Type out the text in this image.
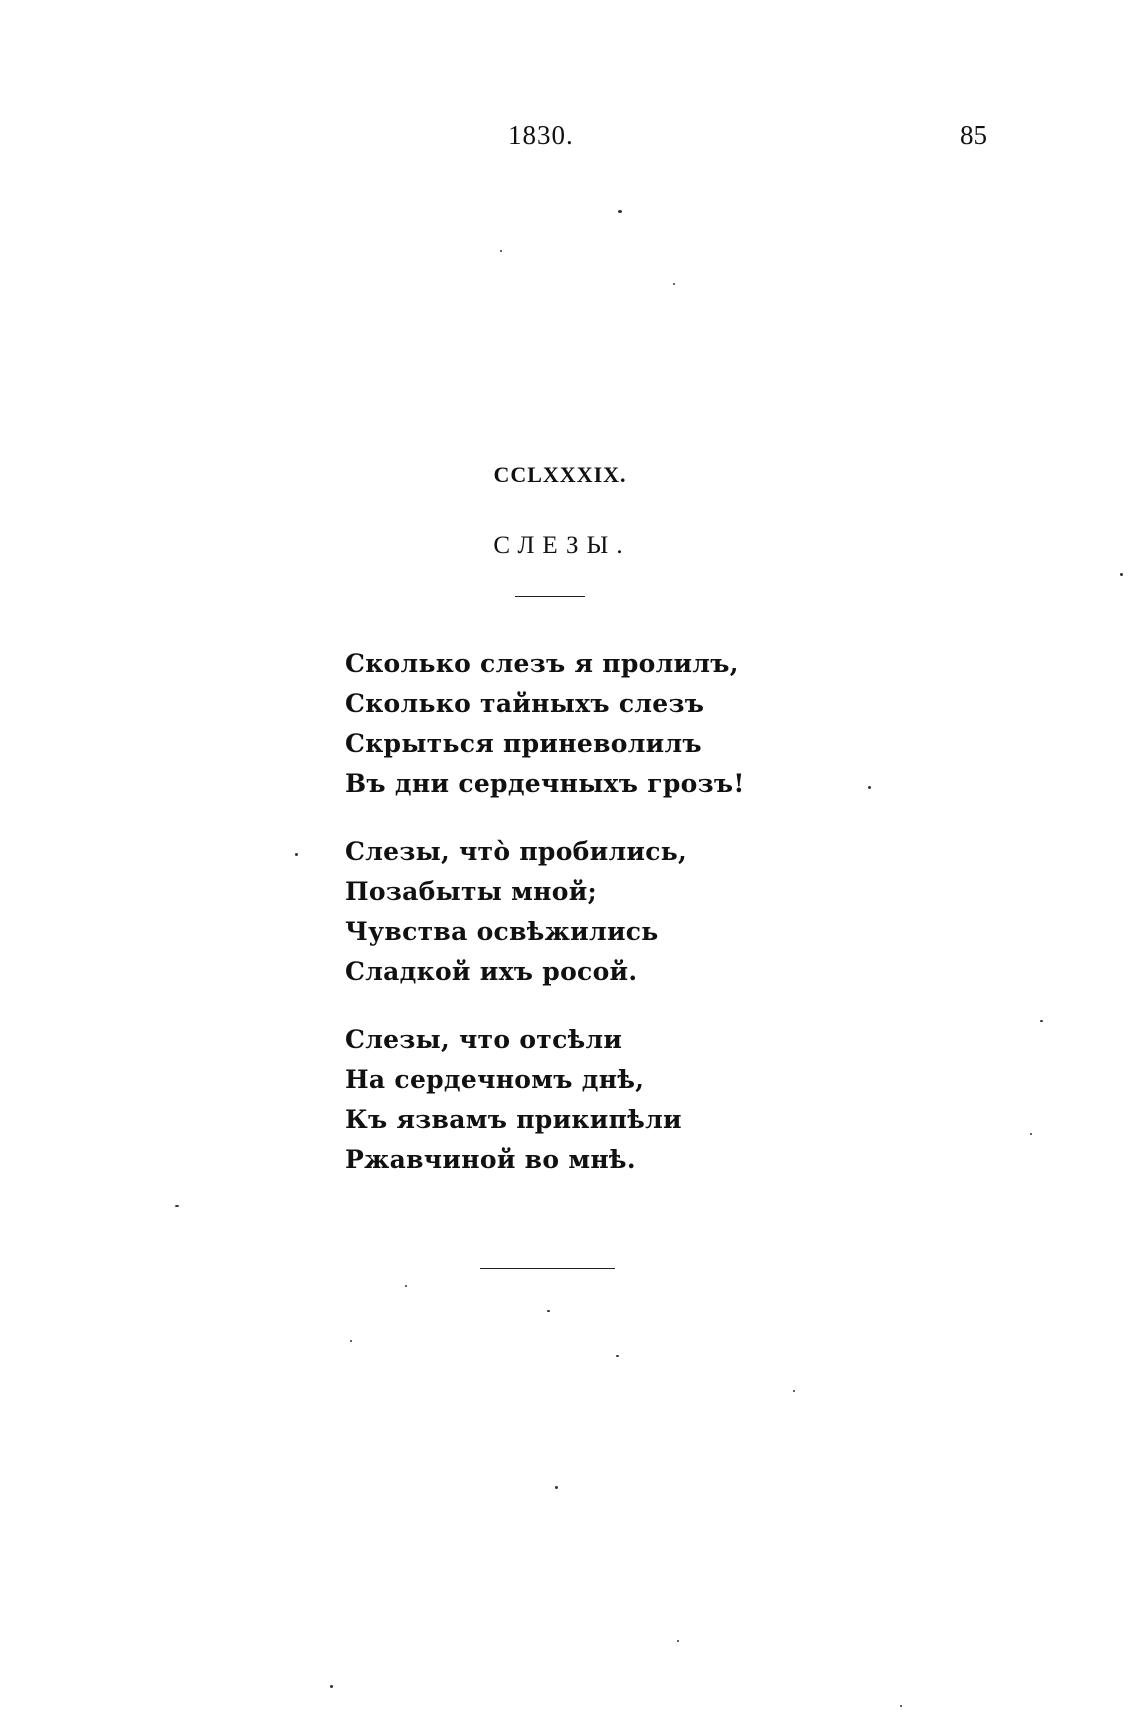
1830.	85
CCLXXXIX.
СЛЕЗЫ.
Сколько слезъ я пролилъ,
Сколько тайныхъ слезъ
Скрыться приневолилъ
Въ дни сердечныхъ грозъ!
Слезы, что̀ пробились,
Позабыты мной;
Чувства освѣжились
Сладкой ихъ росой.
Слезы, что отсѣли
На сердечномъ днѣ,
Къ язвамъ прикипѣли
Ржавчиной во мнѣ.
